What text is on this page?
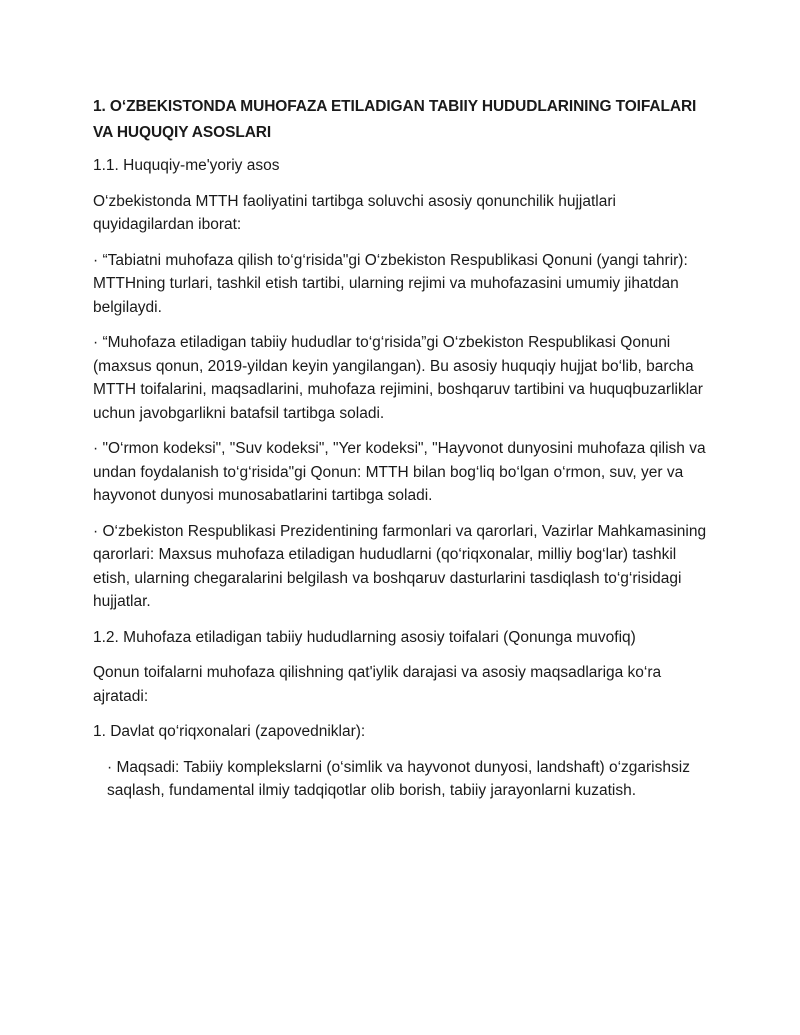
1. O‘ZBEKISTONDA MUHOFAZA ETILADIGAN TABIIY HUDUDLARINING TOIFALARI VA HUQUQIY ASOSLARI

1.1. Huquqiy-me'yoriy asos

O‘zbekistonda MTTH faoliyatini tartibga soluvchi asosiy qonunchilik hujjatlari quyidagilardan iborat:

· “Tabiatni muhofaza qilish to‘g‘risida"gi O‘zbekiston Respublikasi Qonuni (yangi tahrir): MTTHning turlari, tashkil etish tartibi, ularning rejimi va muhofazasini umumiy jihatdan belgilaydi.

· “Muhofaza etiladigan tabiiy hududlar to‘g‘risida”gi O‘zbekiston Respublikasi Qonuni (maxsus qonun, 2019-yildan keyin yangilangan). Bu asosiy huquqiy hujjat bo‘lib, barcha MTTH toifalarini, maqsadlarini, muhofaza rejimini, boshqaruv tartibini va huquqbuzarliklar uchun javobgarlikni batafsil tartibga soladi.

· "O‘rmon kodeksi", "Suv kodeksi", "Yer kodeksi", "Hayvonot dunyosini muhofaza qilish va undan foydalanish to‘g‘risida"gi Qonun: MTTH bilan bog‘liq bo‘lgan o‘rmon, suv, yer va hayvonot dunyosi munosabatlarini tartibga soladi.

· O‘zbekiston Respublikasi Prezidentining farmonlari va qarorlari, Vazirlar Mahkamasining qarorlari: Maxsus muhofaza etiladigan hududlarni (qo‘riqxonalar, milliy bog‘lar) tashkil etish, ularning chegaralarini belgilash va boshqaruv dasturlarini tasdiqlash to‘g‘risidagi hujjatlar.

1.2. Muhofaza etiladigan tabiiy hududlarning asosiy toifalari (Qonunga muvofiq)

Qonun toifalarni muhofaza qilishning qat'iylik darajasi va asosiy maqsadlariga ko‘ra ajratadi:

1. Davlat qo‘riqxonalari (zapovedniklar):

· Maqsadi: Tabiiy komplekslarni (o‘simlik va hayvonot dunyosi, landshaft) o‘zgarishsiz saqlash, fundamental ilmiy tadqiqotlar olib borish, tabiiy jarayonlarni kuzatish.
